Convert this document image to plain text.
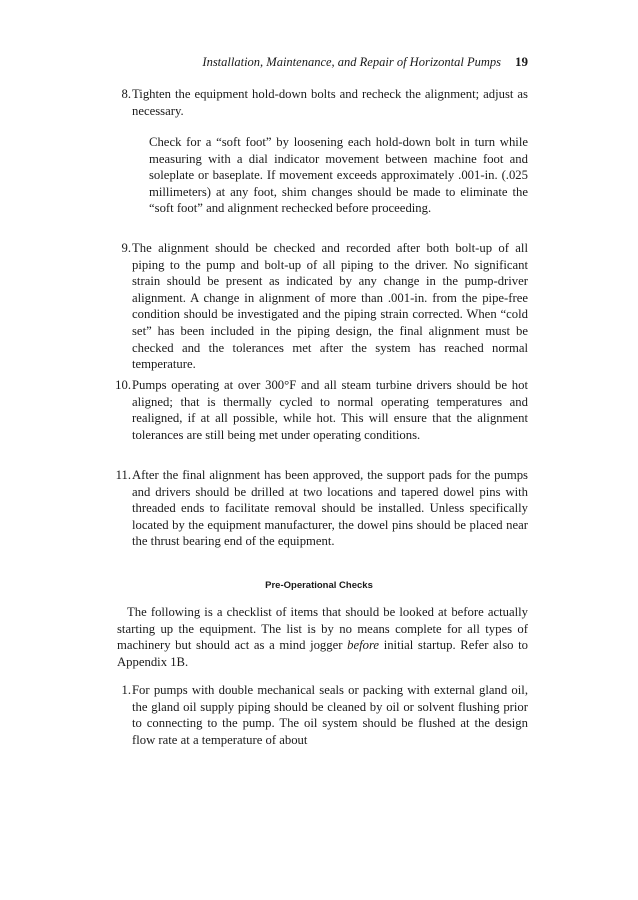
Installation, Maintenance, and Repair of Horizontal Pumps 19
8. Tighten the equipment hold-down bolts and recheck the alignment; adjust as necessary.

Check for a “soft foot” by loosening each hold-down bolt in turn while measuring with a dial indicator movement between machine foot and soleplate or baseplate. If movement exceeds approximately .001-in. (.025 millimeters) at any foot, shim changes should be made to eliminate the “soft foot” and alignment rechecked before proceeding.

9. The alignment should be checked and recorded after both bolt-up of all piping to the pump and bolt-up of all piping to the driver. No significant strain should be present as indicated by any change in the pump-driver alignment. A change in alignment of more than .001-in. from the pipe-free condition should be investigated and the piping strain corrected. When “cold set” has been included in the piping design, the final alignment must be checked and the tolerances met after the system has reached normal temperature.
10. Pumps operating at over 300°F and all steam turbine drivers should be hot aligned; that is thermally cycled to normal operating temperatures and realigned, if at all possible, while hot. This will ensure that the alignment tolerances are still being met under operating conditions.
11. After the final alignment has been approved, the support pads for the pumps and drivers should be drilled at two locations and tapered dowel pins with threaded ends to facilitate removal should be installed. Unless specifically located by the equipment manufacturer, the dowel pins should be placed near the thrust bearing end of the equipment.
Pre-Operational Checks

The following is a checklist of items that should be looked at before actually starting up the equipment. The list is by no means complete for all types of machinery but should act as a mind jogger before initial startup. Refer also to Appendix 1B.

1. For pumps with double mechanical seals or packing with external gland oil, the gland oil supply piping should be cleaned by oil or solvent flushing prior to connecting to the pump. The oil system should be flushed at the design flow rate at a temperature of about
